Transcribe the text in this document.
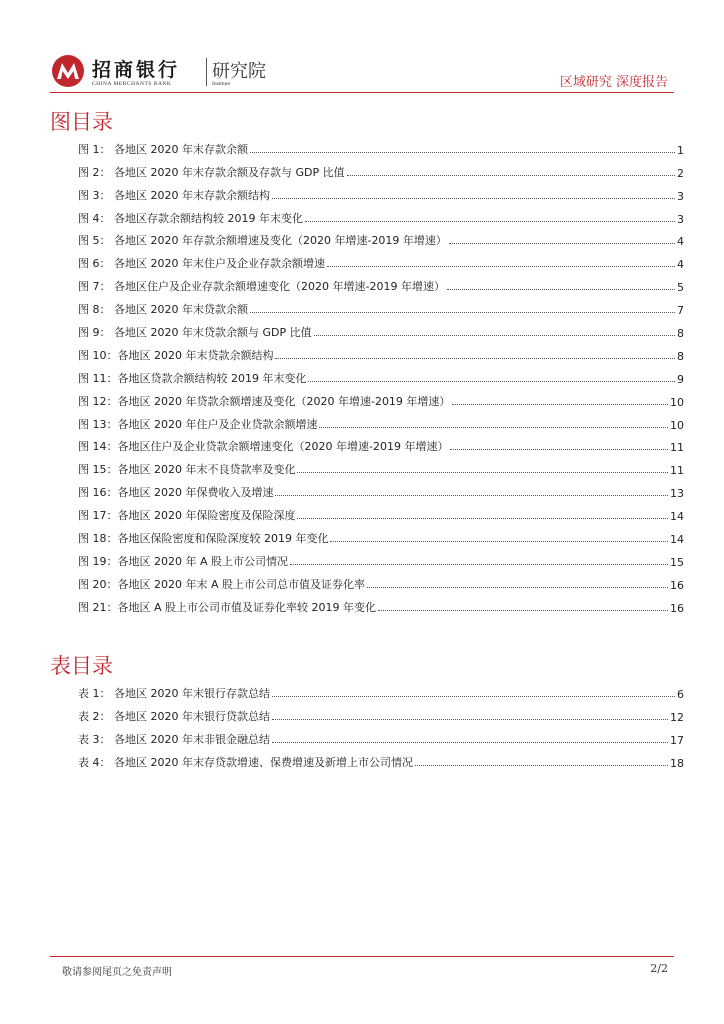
招商银行
CHINA MERCHANTS BANK
研究院
Institute	区域研究 深度报告
图目录
图 1： 各地区 2020 年末存款余额	1
图 2： 各地区 2020 年末存款余额及存款与 GDP 比值	2
图 3： 各地区 2020 年末存款余额结构	3
图 4： 各地区存款余额结构较 2019 年末变化	3
图 5： 各地区 2020 年存款余额增速及变化（2020 年增速-2019 年增速）	4
图 6： 各地区 2020 年末住户及企业存款余额增速	4
图 7： 各地区住户及企业存款余额增速变化（2020 年增速-2019 年增速）	5
图 8： 各地区 2020 年末贷款余额	7
图 9： 各地区 2020 年末贷款余额与 GDP 比值	8
图 10：各地区 2020 年末贷款余额结构	8
图 11：各地区贷款余额结构较 2019 年末变化	9
图 12：各地区 2020 年贷款余额增速及变化（2020 年增速-2019 年增速）	10
图 13：各地区 2020 年住户及企业贷款余额增速	10
图 14：各地区住户及企业贷款余额增速变化（2020 年增速-2019 年增速）	11
图 15：各地区 2020 年末不良贷款率及变化	11
图 16：各地区 2020 年保费收入及增速	13
图 17：各地区 2020 年保险密度及保险深度	14
图 18：各地区保险密度和保险深度较 2019 年变化	14
图 19：各地区 2020 年 A 股上市公司情况	15
图 20：各地区 2020 年末 A 股上市公司总市值及证券化率	16
图 21：各地区 A 股上市公司市值及证券化率较 2019 年变化	16
表目录
表 1： 各地区 2020 年末银行存款总结	6
表 2： 各地区 2020 年末银行贷款总结	12
表 3： 各地区 2020 年末非银金融总结	17
表 4： 各地区 2020 年末存贷款增速、保费增速及新增上市公司情况	18
敬请参阅尾页之免责声明	2/2
